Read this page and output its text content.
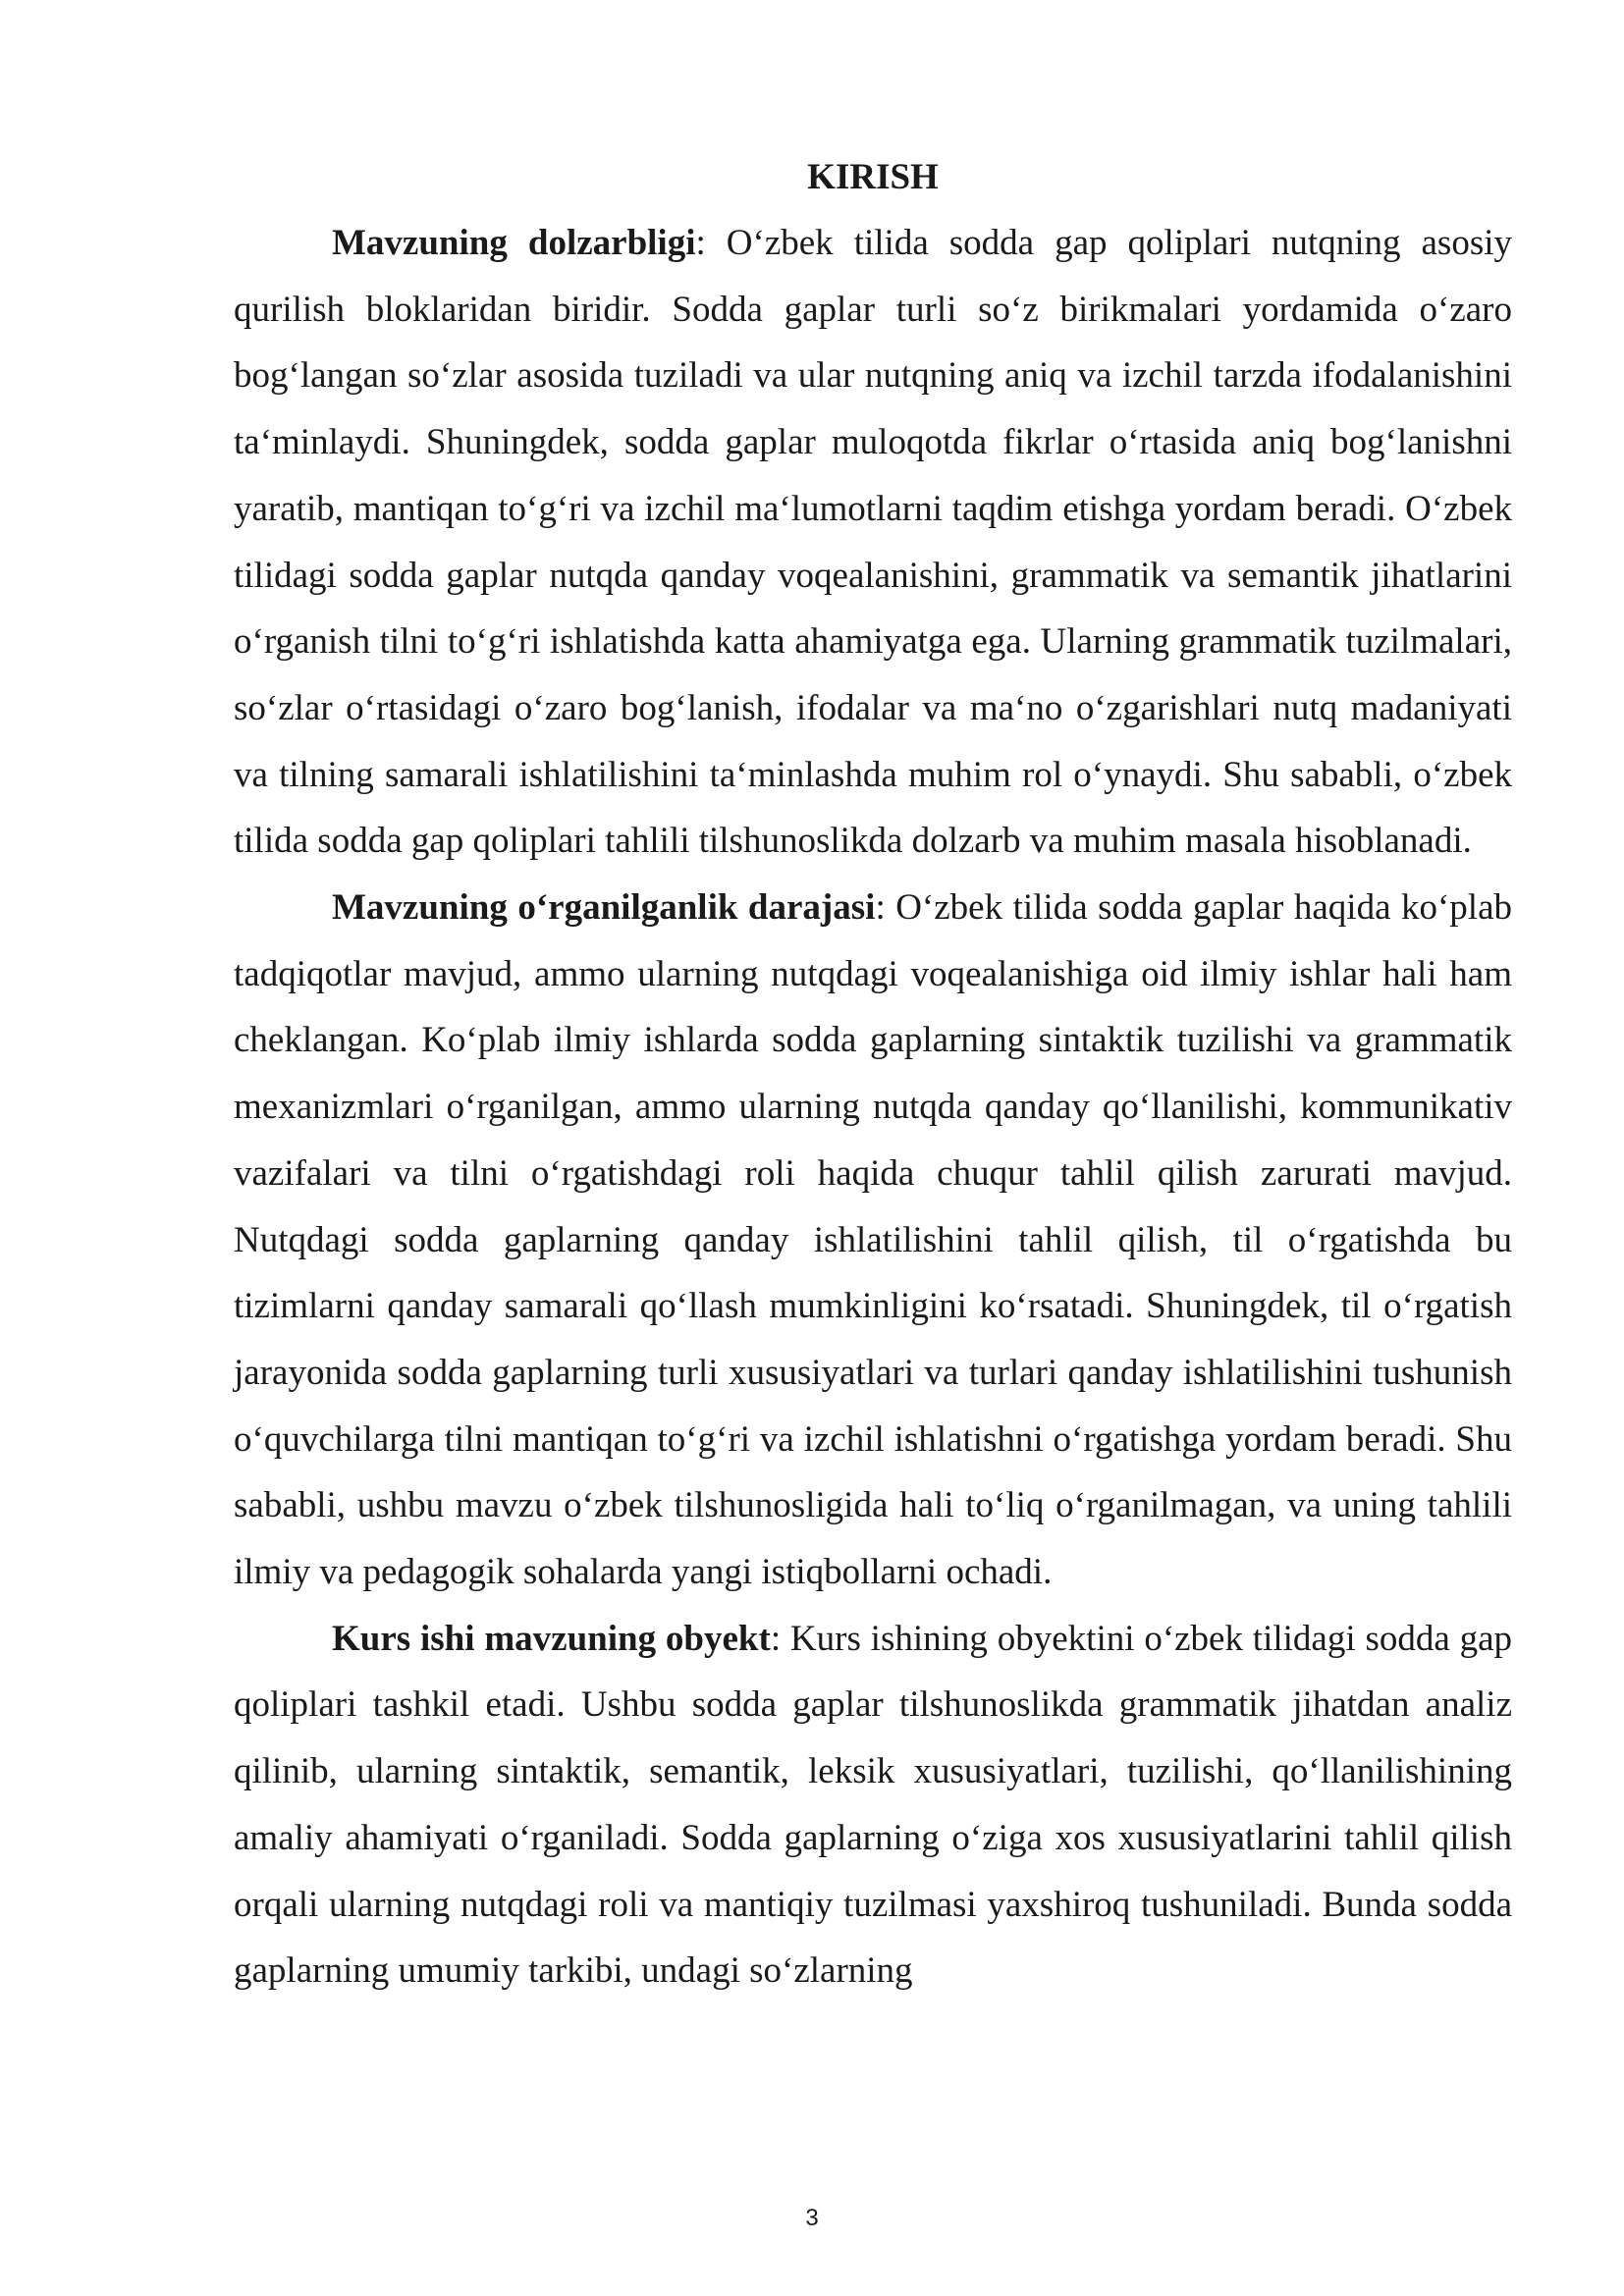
KIRISH

Mavzuning dolzarbligi: O‘zbek tilida sodda gap qoliplari nutqning asosiy qurilish bloklaridan biridir. Sodda gaplar turli so‘z birikmalari yordamida o‘zaro bog‘langan so‘zlar asosida tuziladi va ular nutqning aniq va izchil tarzda ifodalanishini ta‘minlaydi. Shuningdek, sodda gaplar muloqotda fikrlar o‘rtasida aniq bog‘lanishni yaratib, mantiqan to‘g‘ri va izchil ma‘lumotlarni taqdim etishga yordam beradi. O‘zbek tilidagi sodda gaplar nutqda qanday voqealanishini, grammatik va semantik jihatlarini o‘rganish tilni to‘g‘ri ishlatishda katta ahamiyatga ega. Ularning grammatik tuzilmalari, so‘zlar o‘rtasidagi o‘zaro bog‘lanish, ifodalar va ma‘no o‘zgarishlari nutq madaniyati va tilning samarali ishlatilishini ta‘minlashda muhim rol o‘ynaydi. Shu sababli, o‘zbek tilida sodda gap qoliplari tahlili tilshunoslikda dolzarb va muhim masala hisoblanadi.

Mavzuning o‘rganilganlik darajasi: O‘zbek tilida sodda gaplar haqida ko‘plab tadqiqotlar mavjud, ammo ularning nutqdagi voqealanishiga oid ilmiy ishlar hali ham cheklangan. Ko‘plab ilmiy ishlarda sodda gaplarning sintaktik tuzilishi va grammatik mexanizmlari o‘rganilgan, ammo ularning nutqda qanday qo‘llanilishi, kommunikativ vazifalari va tilni o‘rgatishdagi roli haqida chuqur tahlil qilish zarurati mavjud. Nutqdagi sodda gaplarning qanday ishlatilishini tahlil qilish, til o‘rgatishda bu tizimlarni qanday samarali qo‘llash mumkinligini ko‘rsatadi. Shuningdek, til o‘rgatish jarayonida sodda gaplarning turli xususiyatlari va turlari qanday ishlatilishini tushunish o‘quvchilarga tilni mantiqan to‘g‘ri va izchil ishlatishni o‘rgatishga yordam beradi. Shu sababli, ushbu mavzu o‘zbek tilshunosligida hali to‘liq o‘rganilmagan, va uning tahlili ilmiy va pedagogik sohalarda yangi istiqbollarni ochadi.

Kurs ishi mavzuning obyekt: Kurs ishining obyektini o‘zbek tilidagi sodda gap qoliplari tashkil etadi. Ushbu sodda gaplar tilshunoslikda grammatik jihatdan analiz qilinib, ularning sintaktik, semantik, leksik xususiyatlari, tuzilishi, qo‘llanilishining amaliy ahamiyati o‘rganiladi. Sodda gaplarning o‘ziga xos xususiyatlarini tahlil qilish orqali ularning nutqdagi roli va mantiqiy tuzilmasi yaxshiroq tushuniladi. Bunda sodda gaplarning umumiy tarkibi, undagi so‘zlarning

3
